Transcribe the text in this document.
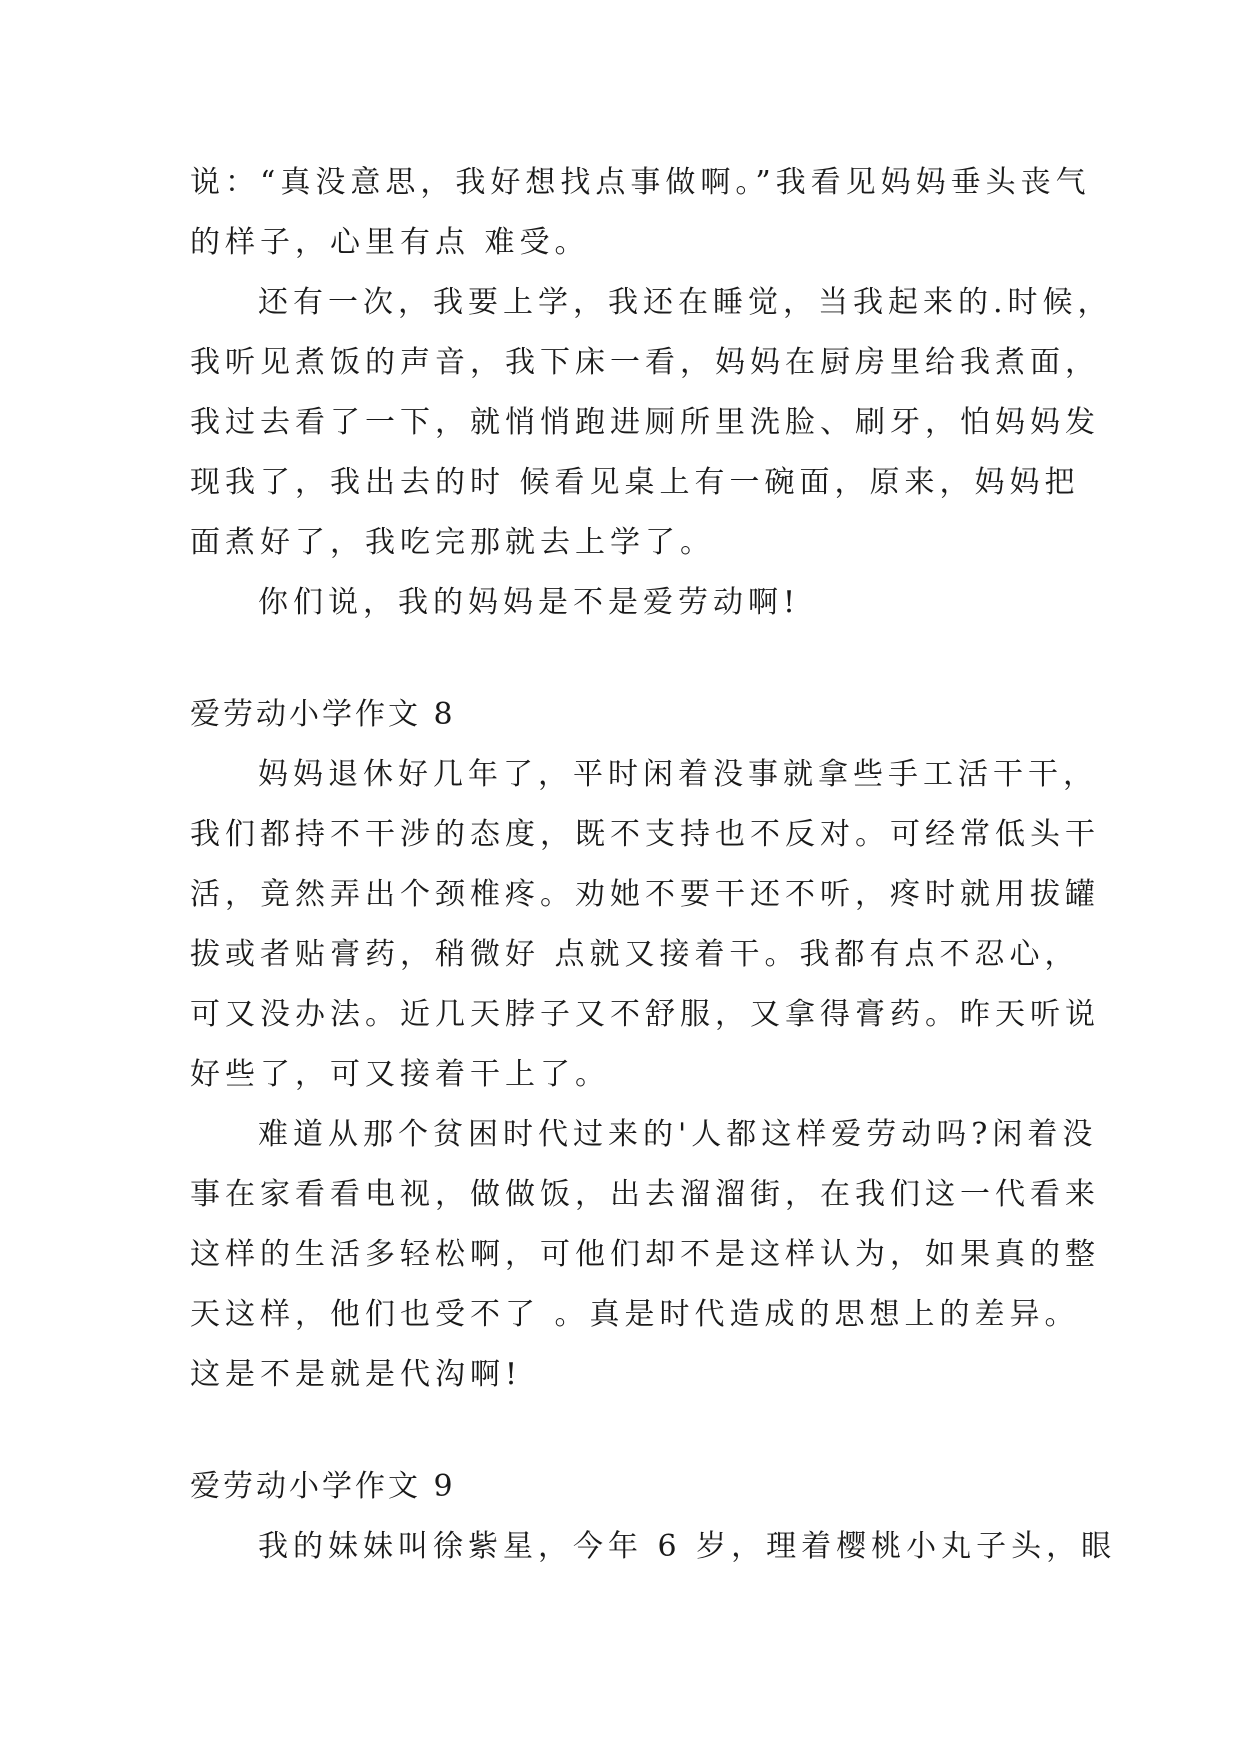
说：“真没意思，我好想找点事做啊。”我看见妈妈垂头丧气

的样子，心里有点 难受。

还有一次，我要上学，我还在睡觉，当我起来的.时候，

我听见煮饭的声音，我下床一看，妈妈在厨房里给我煮面，

我过去看了一下，就悄悄跑进厕所里洗脸、刷牙，怕妈妈发

现我了，我出去的时 候看见桌上有一碗面，原来，妈妈把

面煮好了，我吃完那就去上学了。

你们说，我的妈妈是不是爱劳动啊!

爱劳动小学作文 8

妈妈退休好几年了，平时闲着没事就拿些手工活干干，

我们都持不干涉的态度，既不支持也不反对。可经常低头干

活，竟然弄出个颈椎疼。劝她不要干还不听，疼时就用拔罐

拔或者贴膏药，稍微好 点就又接着干。我都有点不忍心，

可又没办法。近几天脖子又不舒服，又拿得膏药。昨天听说

好些了，可又接着干上了。

难道从那个贫困时代过来的'人都这样爱劳动吗?闲着没

事在家看看电视，做做饭，出去溜溜街，在我们这一代看来

这样的生活多轻松啊，可他们却不是这样认为，如果真的整

天这样，他们也受不了 。真是时代造成的思想上的差异。

这是不是就是代沟啊!

爱劳动小学作文 9

我的妹妹叫徐紫星，今年 6 岁，理着樱桃小丸子头，眼
